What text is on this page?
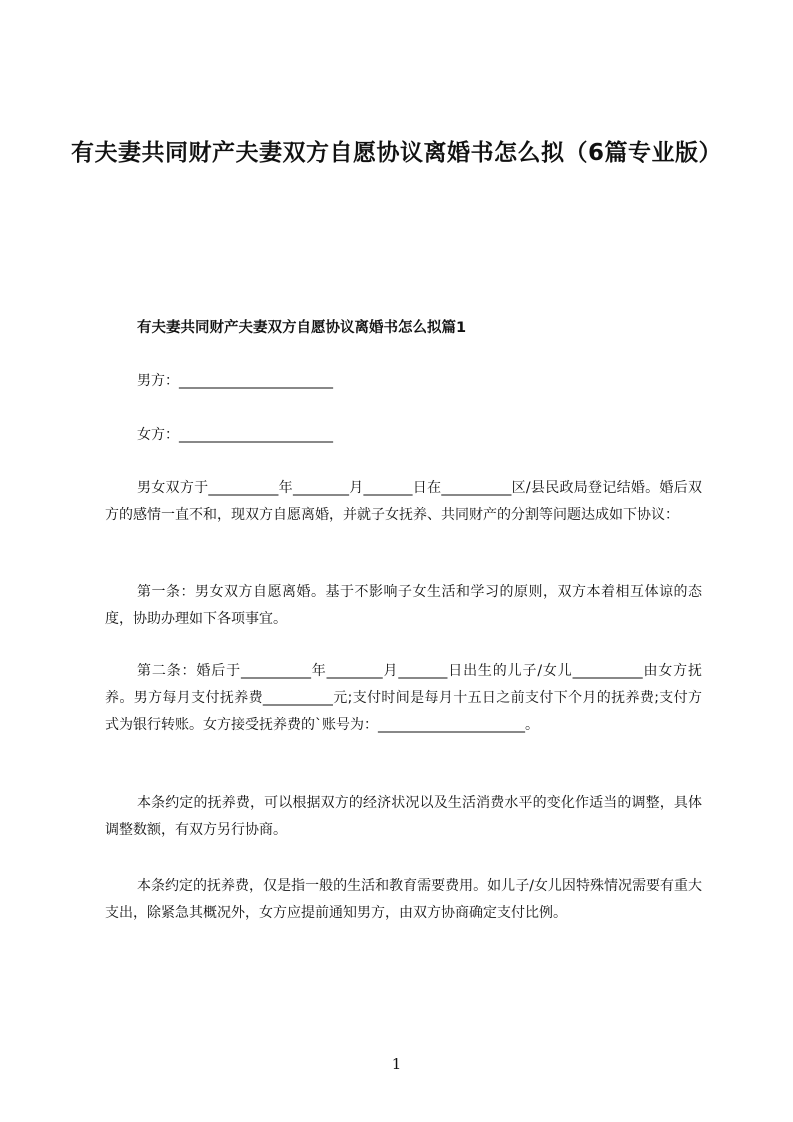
有夫妻共同财产夫妻双方自愿协议离婚书怎么拟（6篇专业版）
有夫妻共同财产夫妻双方自愿协议离婚书怎么拟篇1
男方：______________________
女方：______________________

男女双方于__________年________月_______日在__________区/县民政局登记结婚。婚后双方的感情一直不和，现双方自愿离婚，并就子女抚养、共同财产的分割等问题达成如下协议：

第一条：男女双方自愿离婚。基于不影响子女生活和学习的原则，双方本着相互体谅的态度，协助办理如下各项事宜。

第二条：婚后于__________年________月_______日出生的儿子/女儿__________由女方抚养。男方每月支付抚养费__________元;支付时间是每月十五日之前支付下个月的抚养费;支付方式为银行转账。女方接受抚养费的`账号为：_____________________。

本条约定的抚养费，可以根据双方的经济状况以及生活消费水平的变化作适当的调整，具体调整数额，有双方另行协商。

本条约定的抚养费，仅是指一般的生活和教育需要费用。如儿子/女儿因特殊情况需要有重大支出，除紧急其概况外，女方应提前通知男方，由双方协商确定支付比例。

1
